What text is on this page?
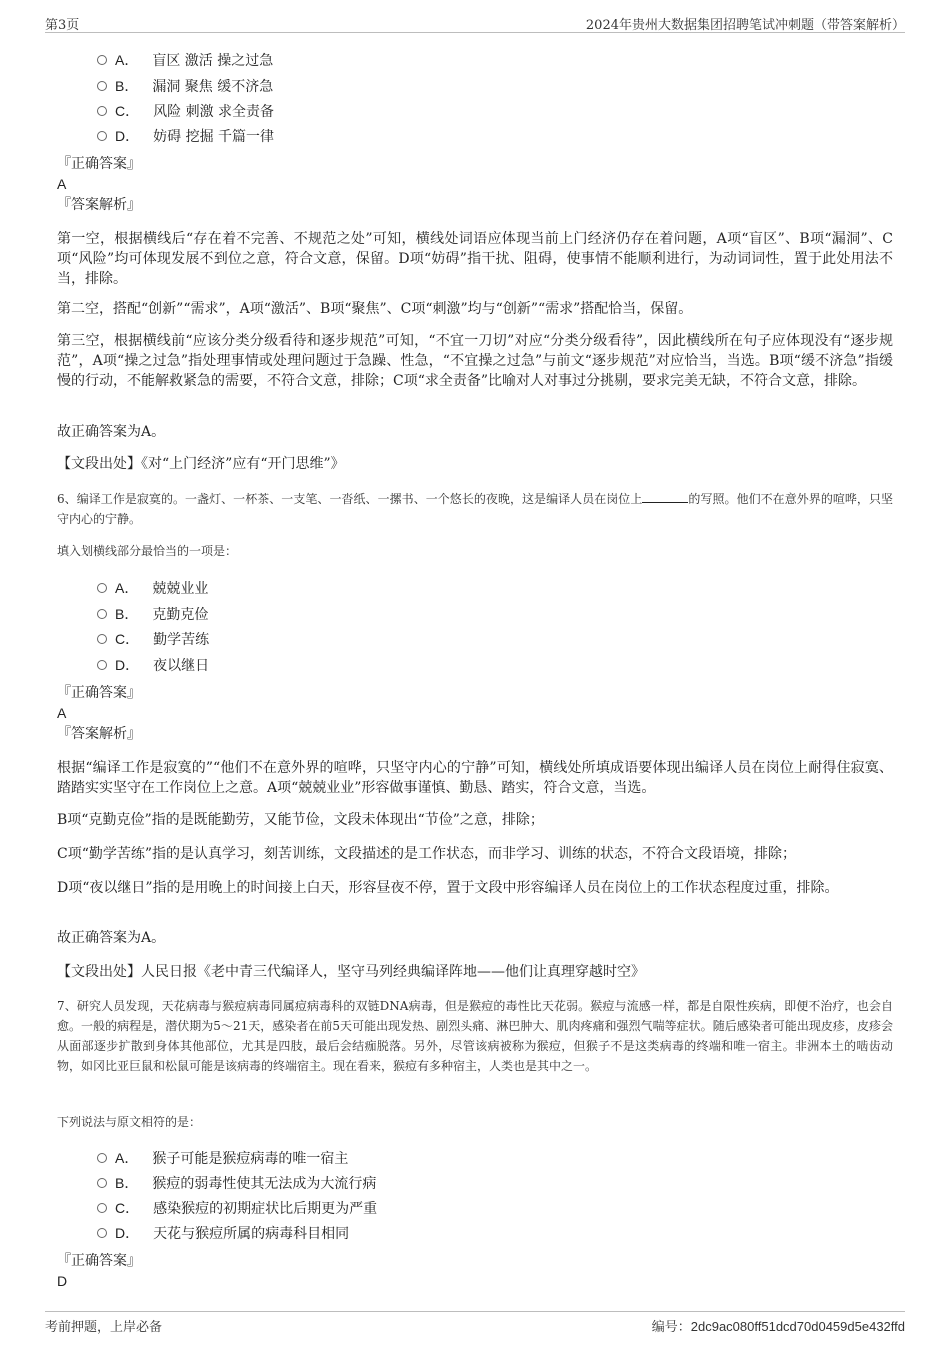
第3页	2024年贵州大数据集团招聘笔试冲刺题（带答案解析）
A． 盲区 激活 操之过急
B． 漏洞 聚焦 缓不济急
C． 风险 刺激 求全责备
D． 妨碍 挖掘 千篇一律
『正确答案』
A
『答案解析』
第一空，根据横线后“存在着不完善、不规范之处”可知，横线处词语应体现当前上门经济仍存在着问题，A项“盲区”、B项“漏洞”、C项“风险”均可体现发展不到位之意，符合文意，保留。D项“妨碍”指干扰、阻碍，使事情不能顺利进行，为动词词性，置于此处用法不当，排除。
第二空，搭配“创新”“需求”，A项“激活”、B项“聚焦”、C项“刺激”均与“创新”“需求”搭配恰当，保留。
第三空，根据横线前“应该分类分级看待和逐步规范”可知，“不宜一刀切”对应“分类分级看待”，因此横线所在句子应体现没有“逐步规范”，A项“操之过急”指处理事情或处理问题过于急躁、性急，“不宜操之过急”与前文“逐步规范”对应恰当，当选。B项“缓不济急”指缓慢的行动，不能解救紧急的需要，不符合文意，排除；C项“求全责备”比喻对人对事过分挑剔，要求完美无缺，不符合文意，排除。
故正确答案为A。
【文段出处】《对“上门经济”应有“开门思维”》
6、编译工作是寂寞的。一盏灯、一杯茶、一支笔、一沓纸、一摞书、一个悠长的夜晚，这是编译人员在岗位上	的写照。他们不在意外界的喧哗，只坚守内心的宁静。
填入划横线部分最恰当的一项是：
A． 兢兢业业
B． 克勤克俭
C． 勤学苦练
D． 夜以继日
『正确答案』
A
『答案解析』
根据“编译工作是寂寞的”“他们不在意外界的喧哗，只坚守内心的宁静”可知，横线处所填成语要体现出编译人员在岗位上耐得住寂寞、踏踏实实坚守在工作岗位上之意。A项“兢兢业业”形容做事谨慎、勤恳、踏实，符合文意，当选。
B项“克勤克俭”指的是既能勤劳，又能节俭，文段未体现出“节俭”之意，排除；
C项“勤学苦练”指的是认真学习，刻苦训练，文段描述的是工作状态，而非学习、训练的状态，不符合文段语境，排除；
D项“夜以继日”指的是用晚上的时间接上白天，形容昼夜不停，置于文段中形容编译人员在岗位上的工作状态程度过重，排除。
故正确答案为A。
【文段出处】人民日报《老中青三代编译人，坚守马列经典编译阵地——他们让真理穿越时空》
7、研究人员发现，天花病毒与猴痘病毒同属痘病毒科的双链DNA病毒，但是猴痘的毒性比天花弱。猴痘与流感一样，都是自限性疾病，即便不治疗，也会自愈。一般的病程是，潜伏期为5～21天，感染者在前5天可能出现发热、剧烈头痛、淋巴肿大、肌肉疼痛和强烈气喘等症状。随后感染者可能出现皮疹，皮疹会从面部逐步扩散到身体其他部位，尤其是四肢，最后会结痂脱落。另外，尽管该病被称为猴痘，但猴子不是这类病毒的终端和唯一宿主。非洲本土的啮齿动物，如冈比亚巨鼠和松鼠可能是该病毒的终端宿主。现在看来，猴痘有多种宿主，人类也是其中之一。
下列说法与原文相符的是：
A． 猴子可能是猴痘病毒的唯一宿主
B． 猴痘的弱毒性使其无法成为大流行病
C． 感染猴痘的初期症状比后期更为严重
D． 天花与猴痘所属的病毒科目相同
『正确答案』
D
考前押题，上岸必备	编号：2dc9ac080ff51dcd70d0459d5e432ffd
